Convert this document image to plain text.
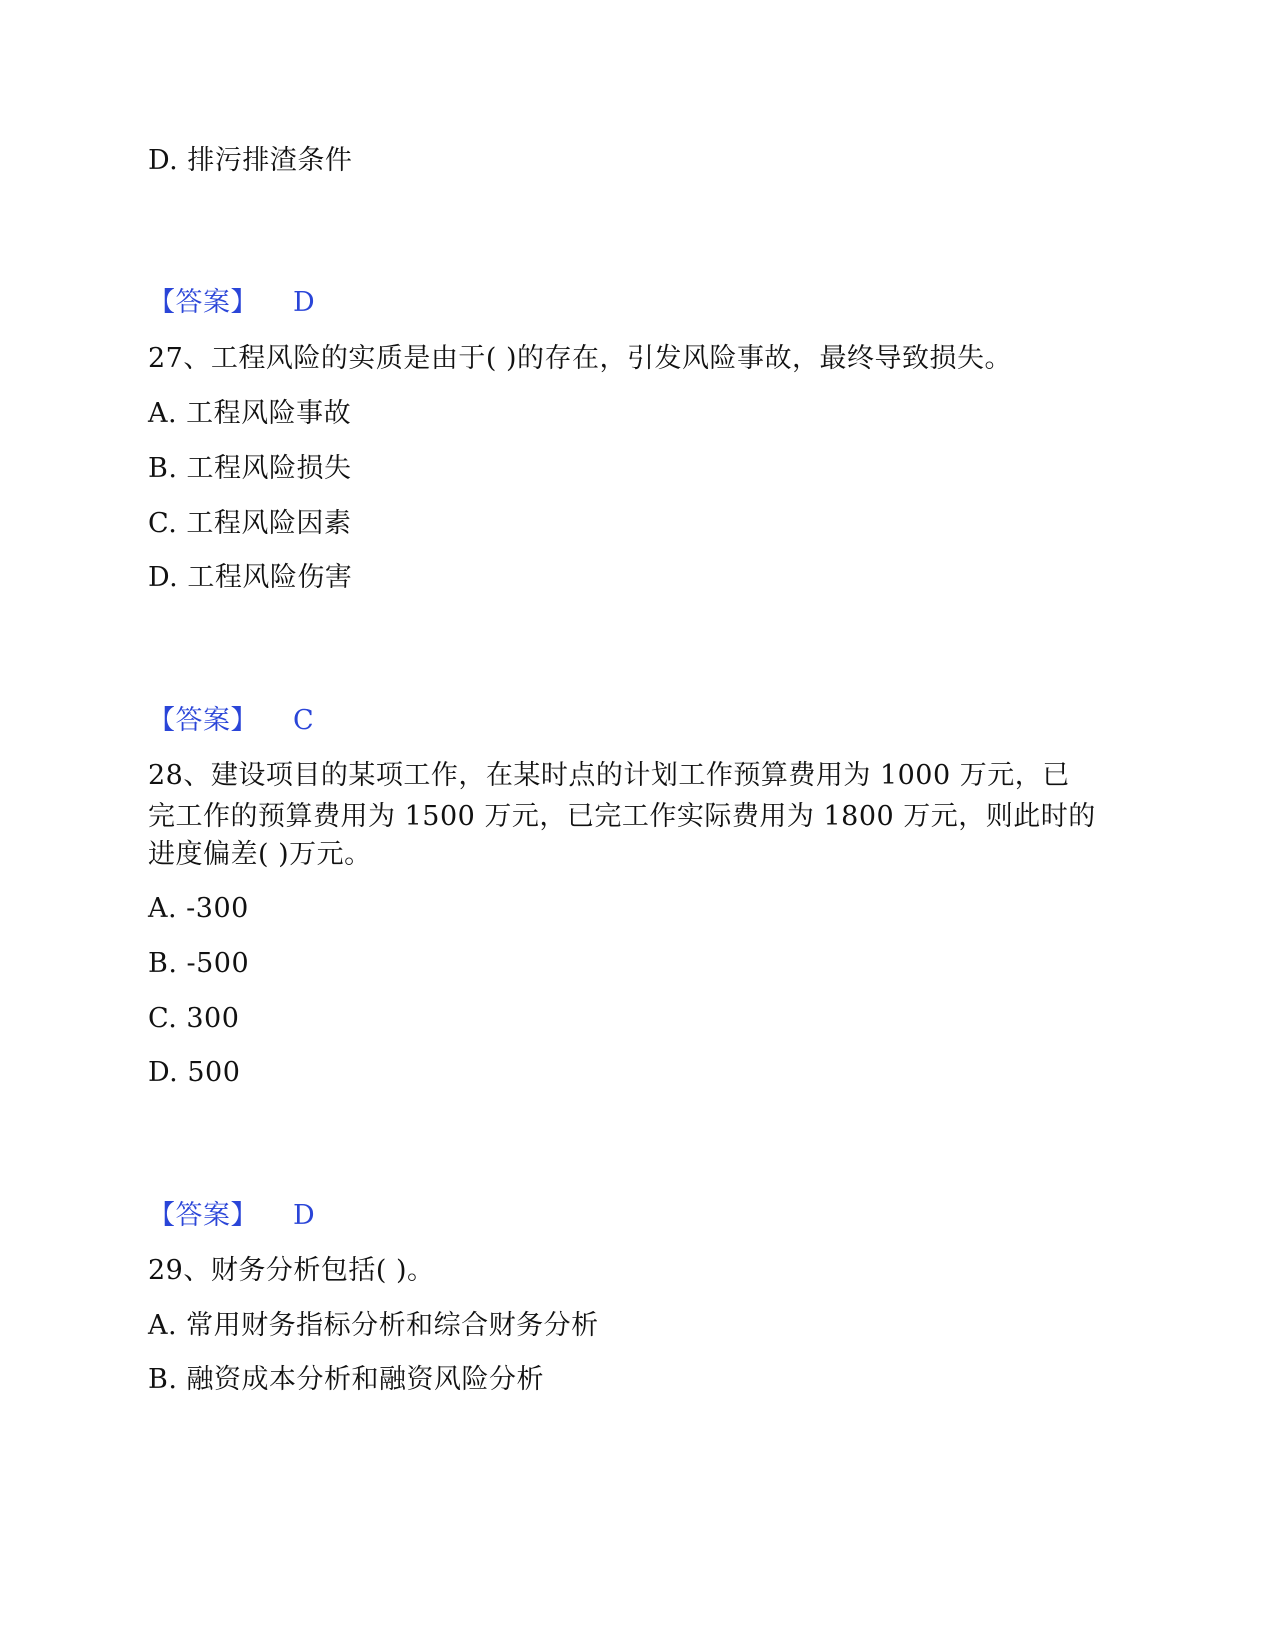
D. 排污排渣条件
【答案】 D
27、工程风险的实质是由于( )的存在，引发风险事故，最终导致损失。
A. 工程风险事故
B. 工程风险损失
C. 工程风险因素
D. 工程风险伤害
【答案】 C
28、建设项目的某项工作，在某时点的计划工作预算费用为 1000 万元，已
完工作的预算费用为 1500 万元，已完工作实际费用为 1800 万元，则此时的
进度偏差( )万元。
A. -300
B. -500
C. 300
D. 500
【答案】 D
29、财务分析包括( )。
A. 常用财务指标分析和综合财务分析
B. 融资成本分析和融资风险分析
